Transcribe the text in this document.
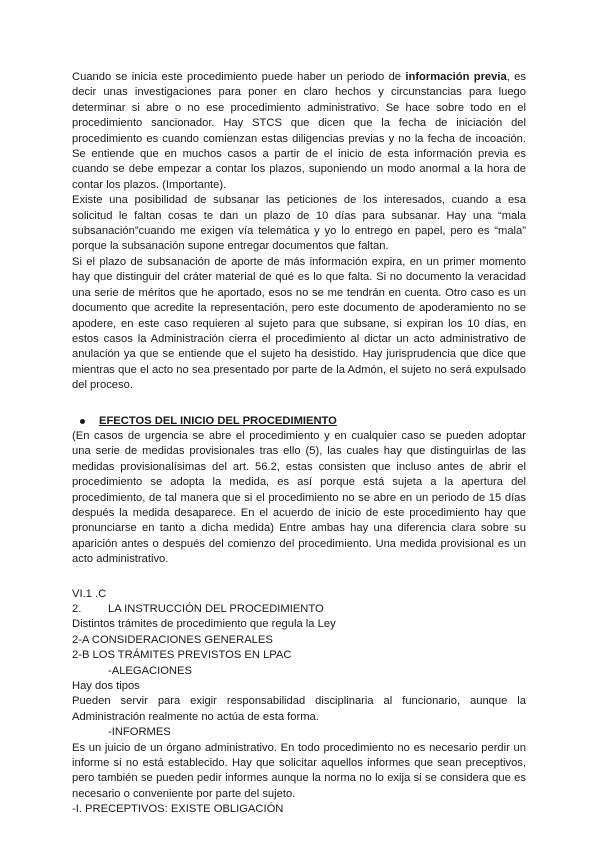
Cuando se inicia este procedimiento puede haber un periodo de información previa, es decir unas investigaciones para poner en claro hechos y circunstancias para luego determinar si abre o no ese procedimiento administrativo. Se hace sobre todo en el procedimiento sancionador. Hay STCS que dicen que la fecha de iniciación del procedimiento es cuando comienzan estas diligencias previas y no la fecha de incoación. Se entiende que en muchos casos a partir de el inicio de esta información previa es cuando se debe empezar a contar los plazos, suponiendo un modo anormal a la hora de contar los plazos. (Importante).

Existe una posibilidad de subsanar las peticiones de los interesados, cuando a esa solicitud le faltan cosas te dan un plazo de 10 días para subsanar. Hay una “mala subsanación”cuando me exigen vía telemática y yo lo entrego en papel, pero es “mala” porque la subsanación supone entregar documentos que faltan.

Si el plazo de subsanación de aporte de más información expira, en un primer momento hay que distinguir del cráter material de qué es lo que falta. Si no documento la veracidad una serie de méritos que he aportado, esos no se me tendrán en cuenta. Otro caso es un documento que acredite la representación, pero este documento de apoderamiento no se apodere, en este caso requieren al sujeto para que subsane, si expiran los 10 días, en estos casos la Administración cierra el procedimiento al dictar un acto administrativo de anulación ya que se entiende que el sujeto ha desistido. Hay jurisprudencia que dice que mientras que el acto no sea presentado por parte de la Admón, el sujeto no será expulsado del proceso.

EFECTOS DEL INICIO DEL PROCEDIMIENTO

(En casos de urgencia se abre el procedimiento y en cualquier caso se pueden adoptar una serie de medidas provisionales tras ello (5), las cuales hay que distinguirlas de las medidas provisionalísimas del art. 56.2, estas consisten que incluso antes de abrir el procedimiento se adopta la medida, es así porque está sujeta a la apertura del procedimiento, de tal manera que si el procedimiento no se abre en un periodo de 15 días después la medida desaparece. En el acuerdo de inicio de este procedimiento hay que pronunciarse en tanto a dicha medida) Entre ambas hay una diferencia clara sobre su aparición antes o después del comienzo del procedimiento. Una medida provisional es un acto administrativo.

VI.1 .C

2. LA INSTRUCCIÓN DEL PROCEDIMIENTO

Distintos trámites de procedimiento que regula la Ley

2-A CONSIDERACIONES GENERALES

2-B LOS TRÁMITES PREVISTOS EN LPAC

-ALEGACIONES

Hay dos tipos

Pueden servir para exigir responsabilidad disciplinaria al funcionario, aunque la Administración realmente no actúa de esta forma.

-INFORMES

Es un juicio de un órgano administrativo. En todo procedimiento no es necesario perdir un informe si no está establecido. Hay que solicitar aquellos informes que sean preceptivos, pero también se pueden pedir informes aunque la norma no lo exija si se considera que es necesario o conveniente por parte del sujeto.

-I. PRECEPTIVOS: EXISTE OBLIGACIÓN
